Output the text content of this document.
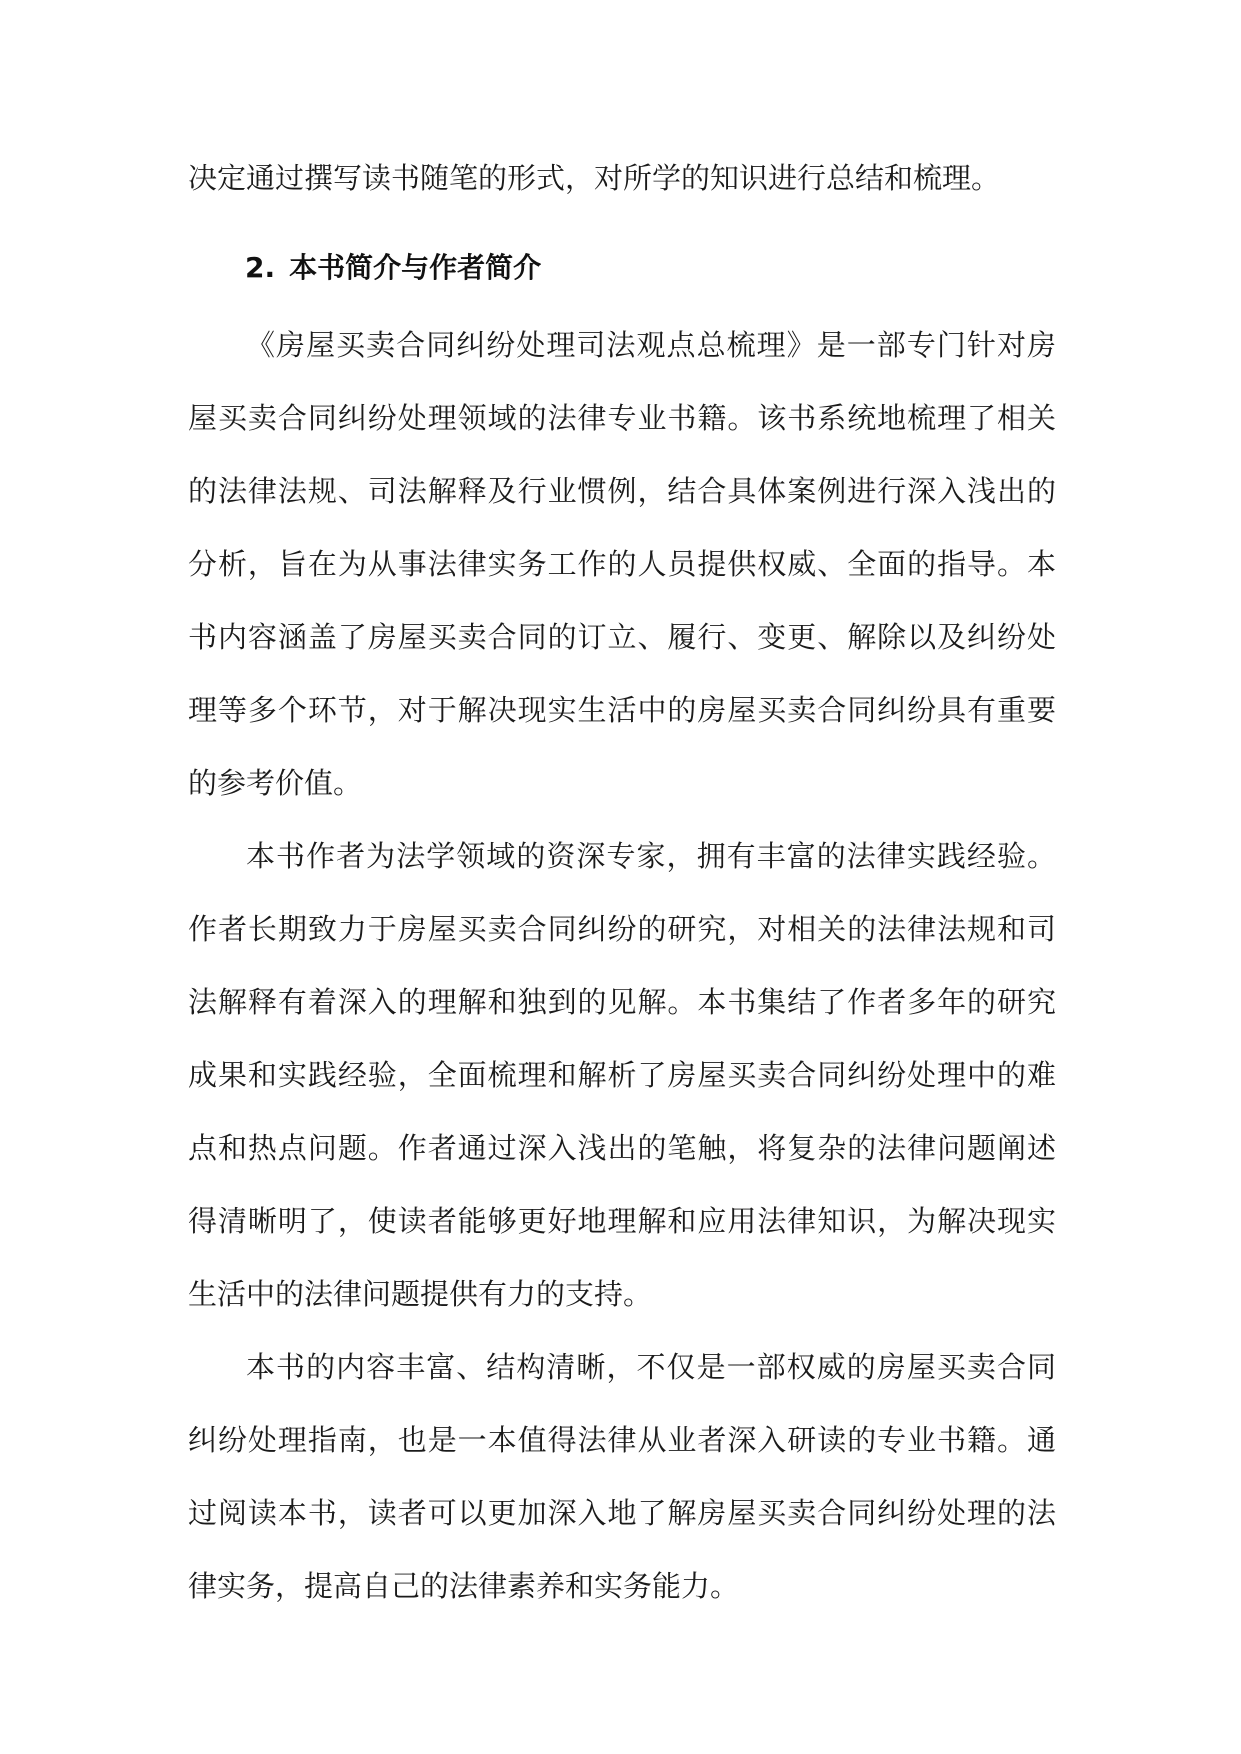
决定通过撰写读书随笔的形式，对所学的知识进行总结和梳理。

2. 本书简介与作者简介

《房屋买卖合同纠纷处理司法观点总梳理》是一部专门针对房屋买卖合同纠纷处理领域的法律专业书籍。该书系统地梳理了相关的法律法规、司法解释及行业惯例，结合具体案例进行深入浅出的分析，旨在为从事法律实务工作的人员提供权威、全面的指导。本书内容涵盖了房屋买卖合同的订立、履行、变更、解除以及纠纷处理等多个环节，对于解决现实生活中的房屋买卖合同纠纷具有重要的参考价值。

本书作者为法学领域的资深专家，拥有丰富的法律实践经验。作者长期致力于房屋买卖合同纠纷的研究，对相关的法律法规和司法解释有着深入的理解和独到的见解。本书集结了作者多年的研究成果和实践经验，全面梳理和解析了房屋买卖合同纠纷处理中的难点和热点问题。作者通过深入浅出的笔触，将复杂的法律问题阐述得清晰明了，使读者能够更好地理解和应用法律知识，为解决现实生活中的法律问题提供有力的支持。

本书的内容丰富、结构清晰，不仅是一部权威的房屋买卖合同纠纷处理指南，也是一本值得法律从业者深入研读的专业书籍。通过阅读本书，读者可以更加深入地了解房屋买卖合同纠纷处理的法律实务，提高自己的法律素养和实务能力。
